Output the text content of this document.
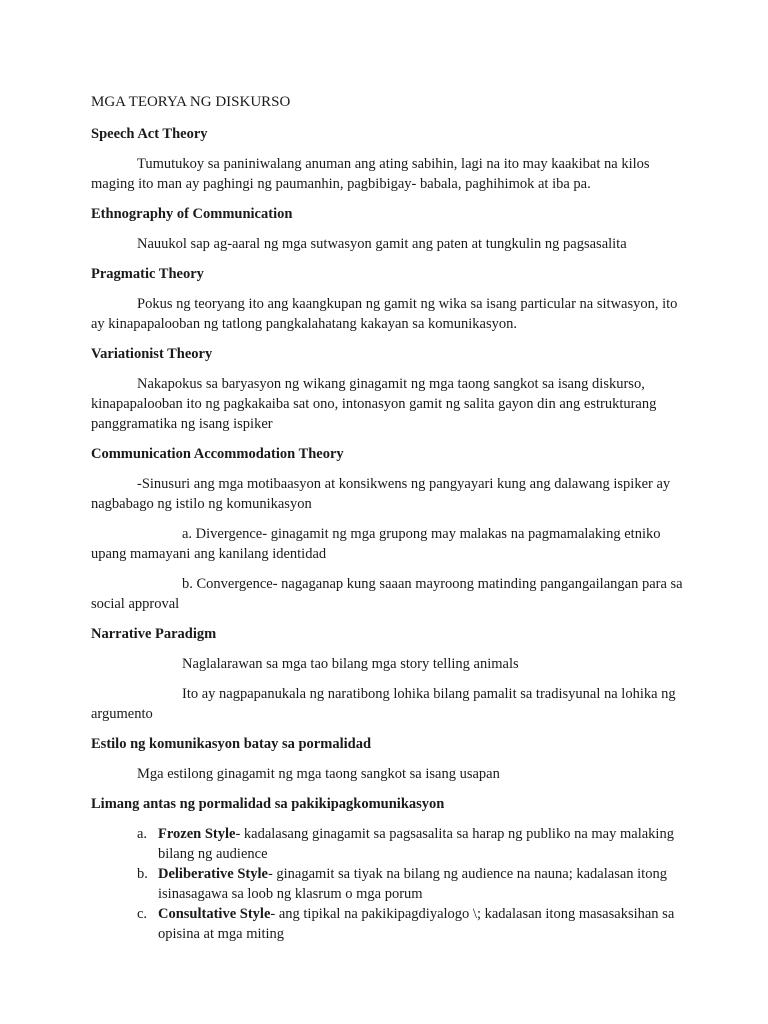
MGA TEORYA NG DISKURSO
Speech Act Theory
Tumutukoy sa paniniwalang anuman ang ating sabihin, lagi na ito may kaakibat na kilos maging ito man ay paghingi ng paumanhin, pagbibigay- babala, paghihimok at iba pa.
Ethnography of Communication
Nauukol sap ag-aaral ng mga sutwasyon gamit ang paten at tungkulin ng pagsasalita
Pragmatic Theory
Pokus ng teoryang ito ang kaangkupan ng gamit ng wika sa isang particular na sitwasyon, ito ay kinapapalooban ng tatlong pangkalahatang kakayan sa komunikasyon.
Variationist Theory
Nakapokus sa baryasyon ng wikang ginagamit ng mga taong sangkot sa isang diskurso, kinapapalooban ito ng pagkakaiba sat ono, intonasyon gamit ng salita gayon din ang estrukturang panggramatika ng isang ispiker
Communication Accommodation Theory
-Sinusuri ang mga motibaasyon at konsikwens ng pangyayari kung ang dalawang ispiker ay nagbabago ng istilo ng komunikasyon
a. Divergence- ginagamit ng mga grupong may malakas na pagmamalaking etniko upang mamayani ang kanilang identidad
b. Convergence- nagaganap kung saaan mayroong matinding pangangailangan para sa social approval
Narrative Paradigm
Naglalarawan sa mga tao bilang mga story telling animals
Ito ay nagpapanukala ng naratibong lohika bilang pamalit sa tradisyunal na lohika ng argumento
Estilo ng komunikasyon batay sa pormalidad
Mga estilong ginagamit ng mga taong sangkot sa isang usapan
Limang antas ng pormalidad sa pakikipagkomunikasyon
a. Frozen Style- kadalasang ginagamit sa pagsasalita sa harap ng publiko na may malaking bilang ng audience
b. Deliberative Style- ginagamit sa tiyak na bilang ng audience na nauna; kadalasan itong isinasagawa sa loob ng klasrum o mga porum
c. Consultative Style- ang tipikal na pakikipagdiyalogo \; kadalasan itong masasaksihan sa opisina at mga miting
